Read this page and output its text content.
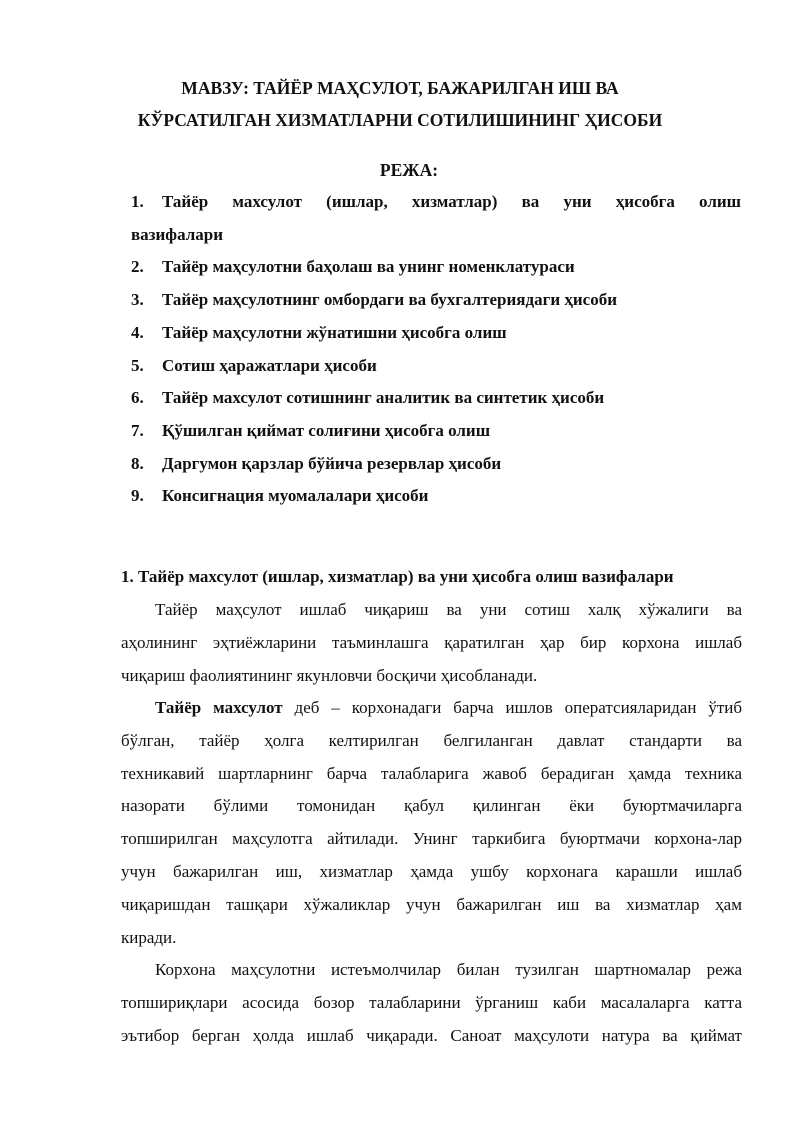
МАВЗУ: ТАЙЁР МАҲСУЛОТ, БАЖАРИЛГАН ИШ ВА
КЎРСАТИЛГАН ХИЗМАТЛАРНИ СОТИЛИШИНИНГ ҲИСОБИ
РЕЖА:
1.	Тайёр махсулот (ишлар, хизматлар) ва уни ҳисобга олиш
вазифалари
2.	Тайёр маҳсулотни баҳолаш ва унинг номенклатураси
3.	Тайёр маҳсулотнинг омбордаги ва бухгалтериядаги ҳисоби
4.	Тайёр маҳсулотни жўнатишни ҳисобга олиш
5.	Сотиш ҳаражатлари ҳисоби
6.	Тайёр махсулот сотишнинг аналитик ва синтетик ҳисоби
7.	Қўшилган қиймат солиғини ҳисобга олиш
8.	Даргумон қарзлар бўйича резервлар ҳисоби
9.	Консигнация муомалалари ҳисоби
1. Тайёр махсулот (ишлар, хизматлар) ва уни ҳисобга олиш вазифалари
Тайёр маҳсулот ишлаб чиқариш ва уни сотиш халқ хўжалиги ва
аҳолининг эҳтиёжларини таъминлашга қаратилган ҳар бир корхона ишлаб
чиқариш фаолиятининг якунловчи босқичи ҳисобланади.
Тайёр махсулот деб – корхонадаги барча ишлов оператсияларидан ўтиб
бўлган, тайёр ҳолга келтирилган белгиланган давлат стандарти ва
техникавий шартларнинг барча талабларига жавоб берадиган ҳамда техника
назорати бўлими томонидан қабул қилинган ёки буюртмачиларга
топширилган маҳсулотга айтилади. Унинг таркибига буюртмачи корхона-лар
учун бажарилган иш, хизматлар ҳамда ушбу корхонага карашли ишлаб
чиқаришдан ташқари хўжаликлар учун бажарилган иш ва хизматлар ҳам
киради.
Корхона маҳсулотни истеъмолчилар билан тузилган шартномалар режа
топшириқлари асосида бозор талабларини ўрганиш каби масалаларга катта
эътибор берган ҳолда ишлаб чиқаради. Саноат маҳсулоти натура ва қиймат
